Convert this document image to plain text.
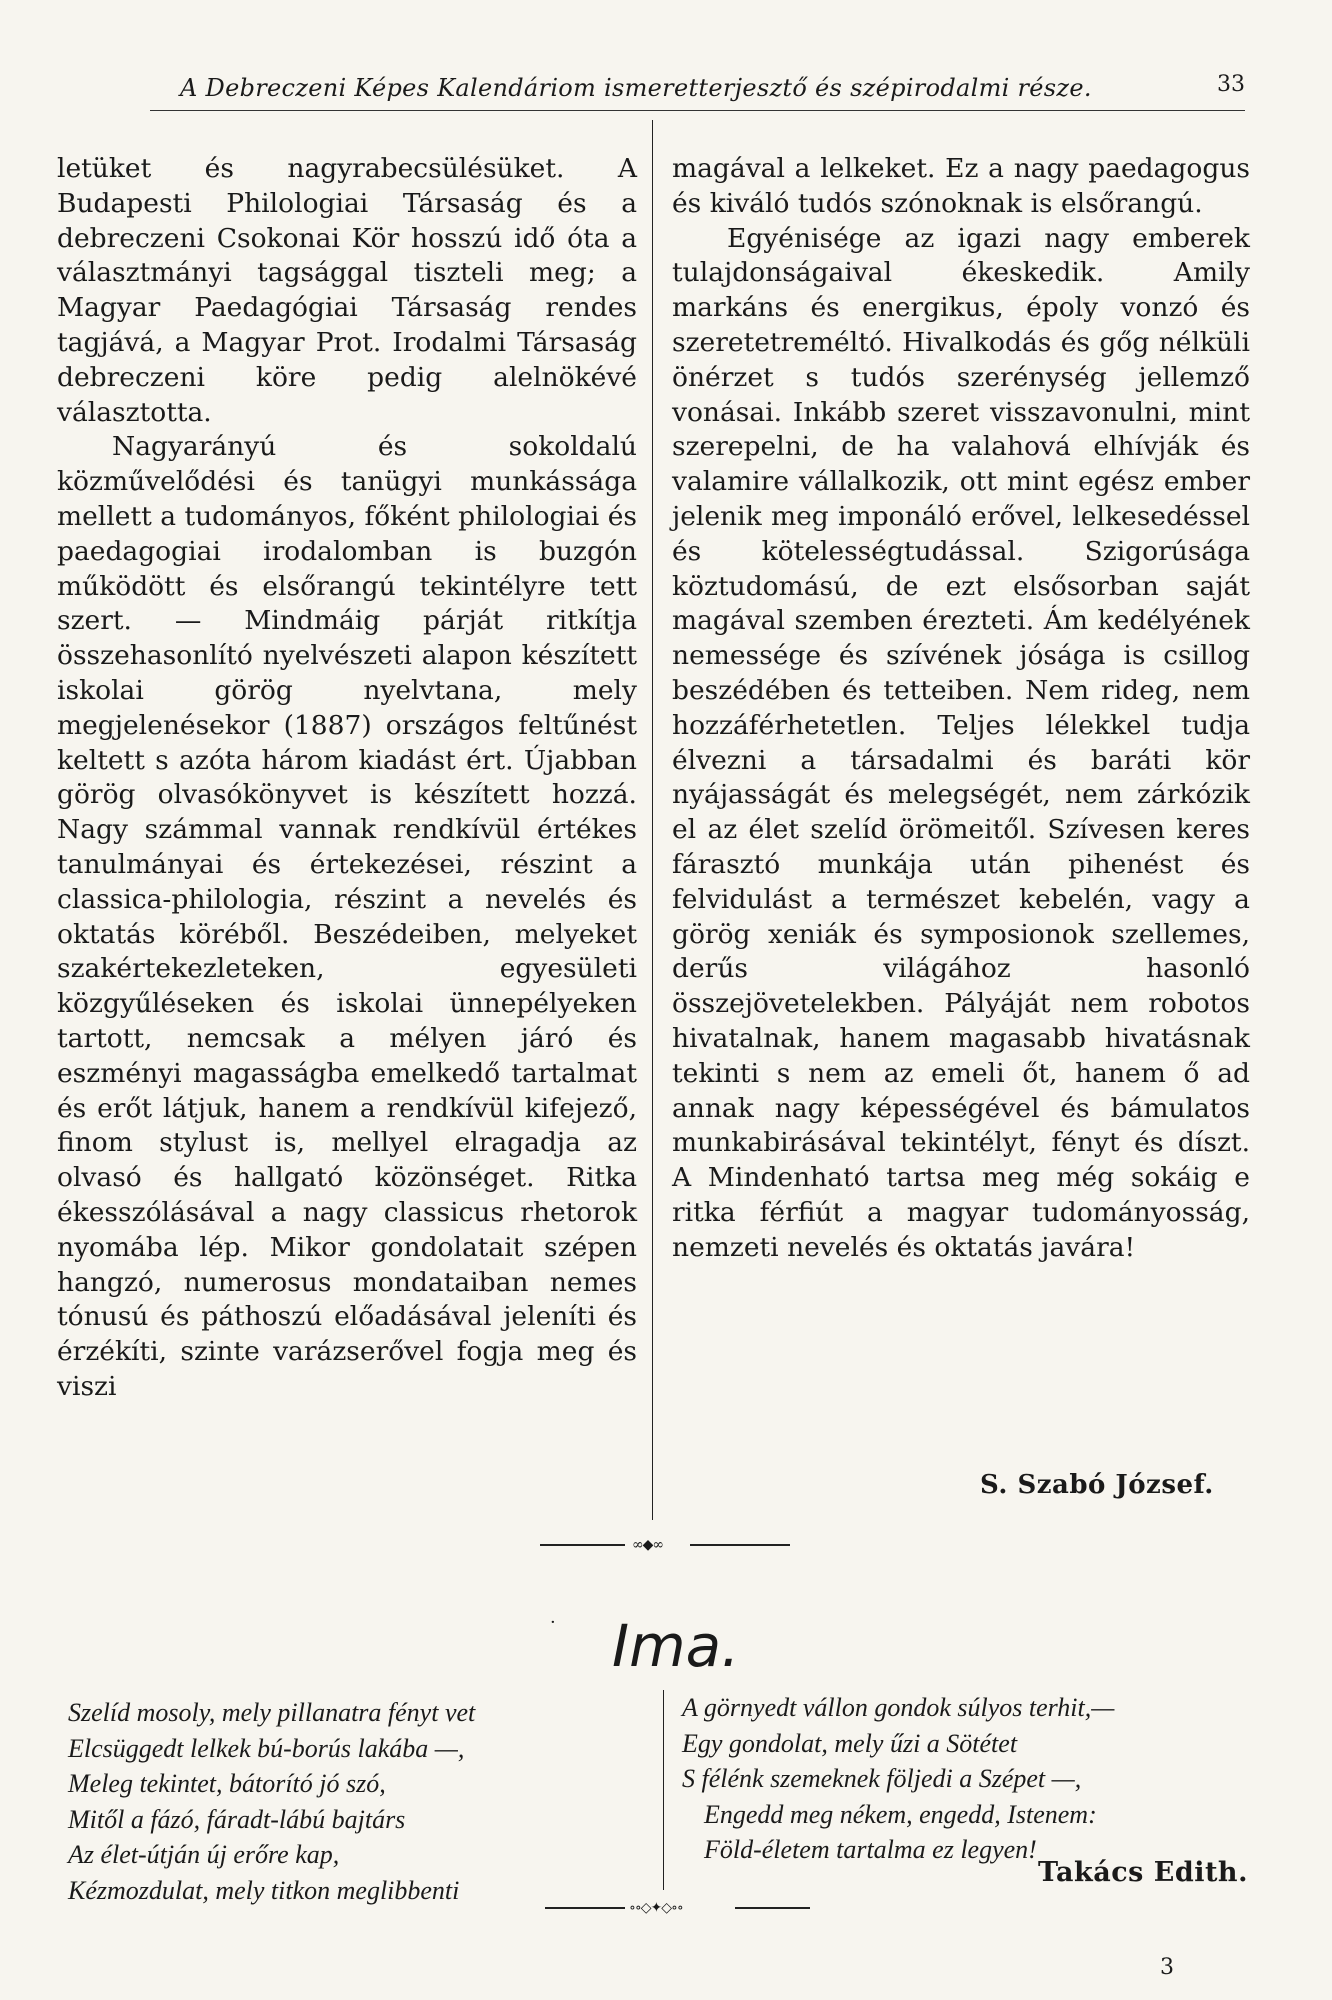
A Debreczeni Képes Kalendáriom ismeretterjesztő és szépirodalmi része.	33

letüket és nagyrabecsülésüket. A Budapesti Philologiai Társaság és a debreczeni Csokonai Kör hosszú idő óta a választmányi tagsággal tiszteli meg; a Magyar Paedagógiai Társaság rendes tagjává, a Magyar Prot. Irodalmi Társaság debreczeni köre pedig alelnökévé választotta.

Nagyarányú és sokoldalú közművelődési és tanügyi munkássága mellett a tudományos, főként philologiai és paedagogiai irodalomban is buzgón működött és elsőrangú tekintélyre tett szert. — Mindmáig párját ritkítja összehasonlító nyelvészeti alapon készített iskolai görög nyelvtana, mely megjelenésekor (1887) országos feltűnést keltett s azóta három kiadást ért. Újabban görög olvasókönyvet is készített hozzá. Nagy számmal vannak rendkívül értékes tanulmányai és értekezései, részint a classica-philologia, részint a nevelés és oktatás köréből. Beszédeiben, melyeket szakértekezleteken, egyesületi közgyűléseken és iskolai ünnepélyeken tartott, nemcsak a mélyen járó és eszményi magasságba emelkedő tartalmat és erőt látjuk, hanem a rendkívül kifejező, finom stylust is, mellyel elragadja az olvasó és hallgató közönséget. Ritka ékesszólásával a nagy classicus rhetorok nyomába lép. Mikor gondolatait szépen hangzó, numerosus mondataiban nemes tónusú és páthoszú előadásával jeleníti és érzékíti, szinte varázserővel fogja meg és viszi

magával a lelkeket. Ez a nagy paedagogus és kiváló tudós szónoknak is elsőrangú.

Egyénisége az igazi nagy emberek tulajdonságaival ékeskedik. Amily markáns és energikus, époly vonzó és szeretetreméltó. Hivalkodás és gőg nélküli önérzet s tudós szerénység jellemző vonásai. Inkább szeret visszavonulni, mint szerepelni, de ha valahová elhívják és valamire vállalkozik, ott mint egész ember jelenik meg imponáló erővel, lelkesedéssel és kötelességtudással. Szigorúsága köztudomású, de ezt elsősorban saját magával szemben érezteti. Ám kedélyének nemessége és szívének jósága is csillog beszédében és tetteiben. Nem rideg, nem hozzáférhetetlen. Teljes lélekkel tudja élvezni a társadalmi és baráti kör nyájasságát és melegségét, nem zárkózik el az élet szelíd örömeitől. Szívesen keres fárasztó munkája után pihenést és felvidulást a természet kebelén, vagy a görög xeniák és symposionok szellemes, derűs világához hasonló összejövetelekben. Pályáját nem robotos hivatalnak, hanem magasabb hivatásnak tekinti s nem az emeli őt, hanem ő ad annak nagy képességével és bámulatos munkabirásával tekintélyt, fényt és díszt. A Mindenható tartsa meg még sokáig e ritka férfiút a magyar tudományosság, nemzeti nevelés és oktatás javára!

S. Szabó József.
∞◆∞
· Ima.
Szelíd mosoly, mely pillanatra fényt vet
Elcsüggedt lelkek bú-borús lakába —,
Meleg tekintet, bátorító jó szó,
Mitől a fázó, fáradt-lábú bajtárs
Az élet-útján új erőre kap,
Kézmozdulat, mely titkon meglibbenti
A görnyedt vállon gondok súlyos terhit,—
Egy gondolat, mely űzi a Sötétet
S félénk szemeknek följedi a Szépet —,
Engedd meg nékem, engedd, Istenem:
Föld-életem tartalma ez legyen!
Takács Edith.
∘∘◇✦◇∘∘
3
